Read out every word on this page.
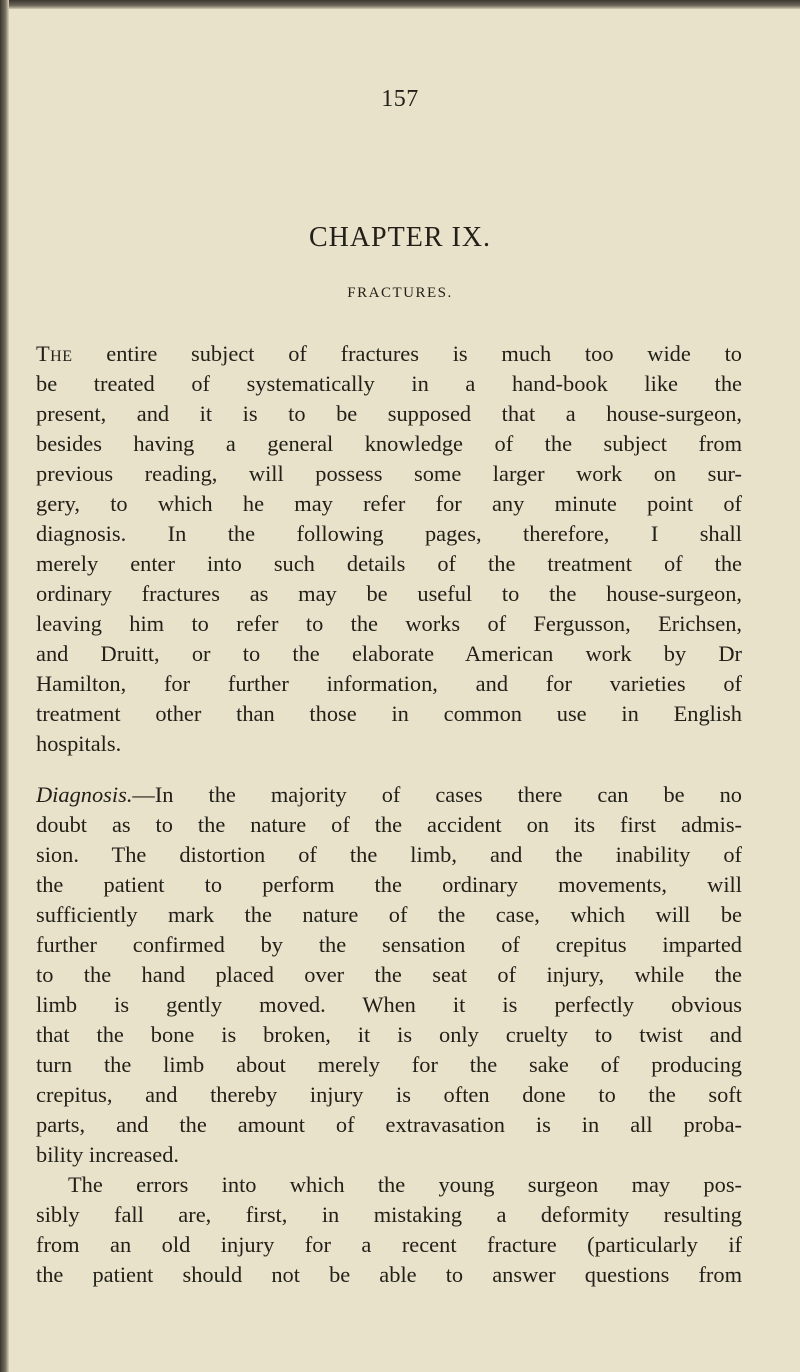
157
CHAPTER IX.
FRACTURES.
The entire subject of fractures is much too wide to
be treated of systematically in a hand-book like the
present, and it is to be supposed that a house-surgeon,
besides having a general knowledge of the subject from
previous reading, will possess some larger work on sur-
gery, to which he may refer for any minute point of
diagnosis. In the following pages, therefore, I shall
merely enter into such details of the treatment of the
ordinary fractures as may be useful to the house-surgeon,
leaving him to refer to the works of Fergusson, Erichsen,
and Druitt, or to the elaborate American work by Dr
Hamilton, for further information, and for varieties of
treatment other than those in common use in English
hospitals.
Diagnosis.—In the majority of cases there can be no
doubt as to the nature of the accident on its first admis-
sion. The distortion of the limb, and the inability of
the patient to perform the ordinary movements, will
sufficiently mark the nature of the case, which will be
further confirmed by the sensation of crepitus imparted
to the hand placed over the seat of injury, while the
limb is gently moved. When it is perfectly obvious
that the bone is broken, it is only cruelty to twist and
turn the limb about merely for the sake of producing
crepitus, and thereby injury is often done to the soft
parts, and the amount of extravasation is in all proba-
bility increased.
The errors into which the young surgeon may pos-
sibly fall are, first, in mistaking a deformity resulting
from an old injury for a recent fracture (particularly if
the patient should not be able to answer questions from
